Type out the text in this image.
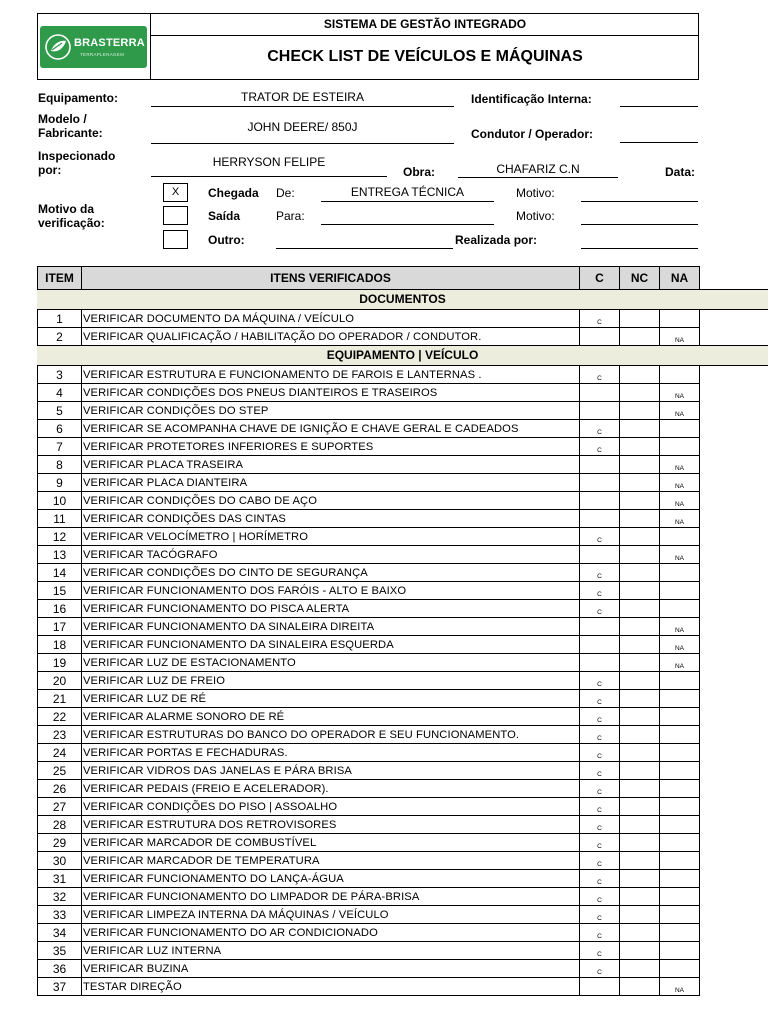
BRASTERRA
TERRAPLENAGEM
SISTEMA DE GESTÃO INTEGRADO
CHECK LIST DE VEÍCULOS E MÁQUINAS
Equipamento:	TRATOR DE ESTEIRA	Identificação Interna:
Modelo /
Fabricante:	JOHN DEERE/ 850J	Condutor / Operador:
Inspecionado
por:
HERRYSON FELIPE
Obra:	CHAFARIZ C.N	Data:
Motivo da
verificação:
X	Chegada De:	ENTREGA TÉCNICA	Motivo:
Saída	Para:	Motivo:
Outro:	Realizada por:
ITEM	ITENS VERIFICADOS	C	NC	NA

1	VERIFICAR DOCUMENTO DA MÁQUINA / VEÍCULO	C		
2	VERIFICAR QUALIFICAÇÃO / HABILITAÇÃO DO OPERADOR / CONDUTOR.			NA

3	VERIFICAR ESTRUTURA E FUNCIONAMENTO DE FAROIS E LANTERNAS .	C		
4	VERIFICAR CONDIÇÕES DOS PNEUS DIANTEIROS E TRASEIROS			NA
5	VERIFICAR CONDIÇÕES DO STEP			NA
6	VERIFICAR SE ACOMPANHA CHAVE DE IGNIÇÃO E CHAVE GERAL E CADEADOS	C		
7	VERIFICAR PROTETORES INFERIORES E SUPORTES	C		
8	VERIFICAR PLACA TRASEIRA			NA
9	VERIFICAR PLACA DIANTEIRA			NA
10	VERIFICAR CONDIÇÕES DO CABO DE AÇO			NA
11	VERIFICAR CONDIÇÕES DAS CINTAS			NA
12	VERIFICAR VELOCÍMETRO | HORÍMETRO	C		
13	VERIFICAR TACÓGRAFO			NA
14	VERIFICAR CONDIÇÕES DO CINTO DE SEGURANÇA	C		
15	VERIFICAR FUNCIONAMENTO DOS FARÓIS - ALTO E BAIXO	C		
16	VERIFICAR FUNCIONAMENTO DO PISCA ALERTA	C		
17	VERIFICAR FUNCIONAMENTO DA SINALEIRA DIREITA			NA
18	VERIFICAR FUNCIONAMENTO DA SINALEIRA ESQUERDA			NA
19	VERIFICAR LUZ DE ESTACIONAMENTO			NA
20	VERIFICAR LUZ DE FREIO	C		
21	VERIFICAR LUZ DE RÉ	C		
22	VERIFICAR ALARME SONORO DE RÉ	C		
23	VERIFICAR ESTRUTURAS DO BANCO DO OPERADOR E SEU FUNCIONAMENTO.	C		
24	VERIFICAR PORTAS E FECHADURAS.	C		
25	VERIFICAR VIDROS DAS JANELAS E PÁRA BRISA	C		
26	VERIFICAR PEDAIS (FREIO E ACELERADOR).	C		
27	VERIFICAR CONDIÇÕES DO PISO | ASSOALHO	C		
28	VERIFICAR ESTRUTURA DOS RETROVISORES	C		
29	VERIFICAR MARCADOR DE COMBUSTÍVEL	C		
30	VERIFICAR MARCADOR DE TEMPERATURA	C		
31	VERIFICAR FUNCIONAMENTO DO LANÇA-ÁGUA	C		
32	VERIFICAR FUNCIONAMENTO DO LIMPADOR DE PÁRA-BRISA	C		
33	VERIFICAR LIMPEZA INTERNA DA MÁQUINAS / VEÍCULO	C		
34	VERIFICAR FUNCIONAMENTO DO AR CONDICIONADO	C		
35	VERIFICAR LUZ INTERNA	C		
36	VERIFICAR BUZINA	C		
37	TESTAR DIREÇÃO			NA
DOCUMENTOS
EQUIPAMENTO | VEÍCULO
